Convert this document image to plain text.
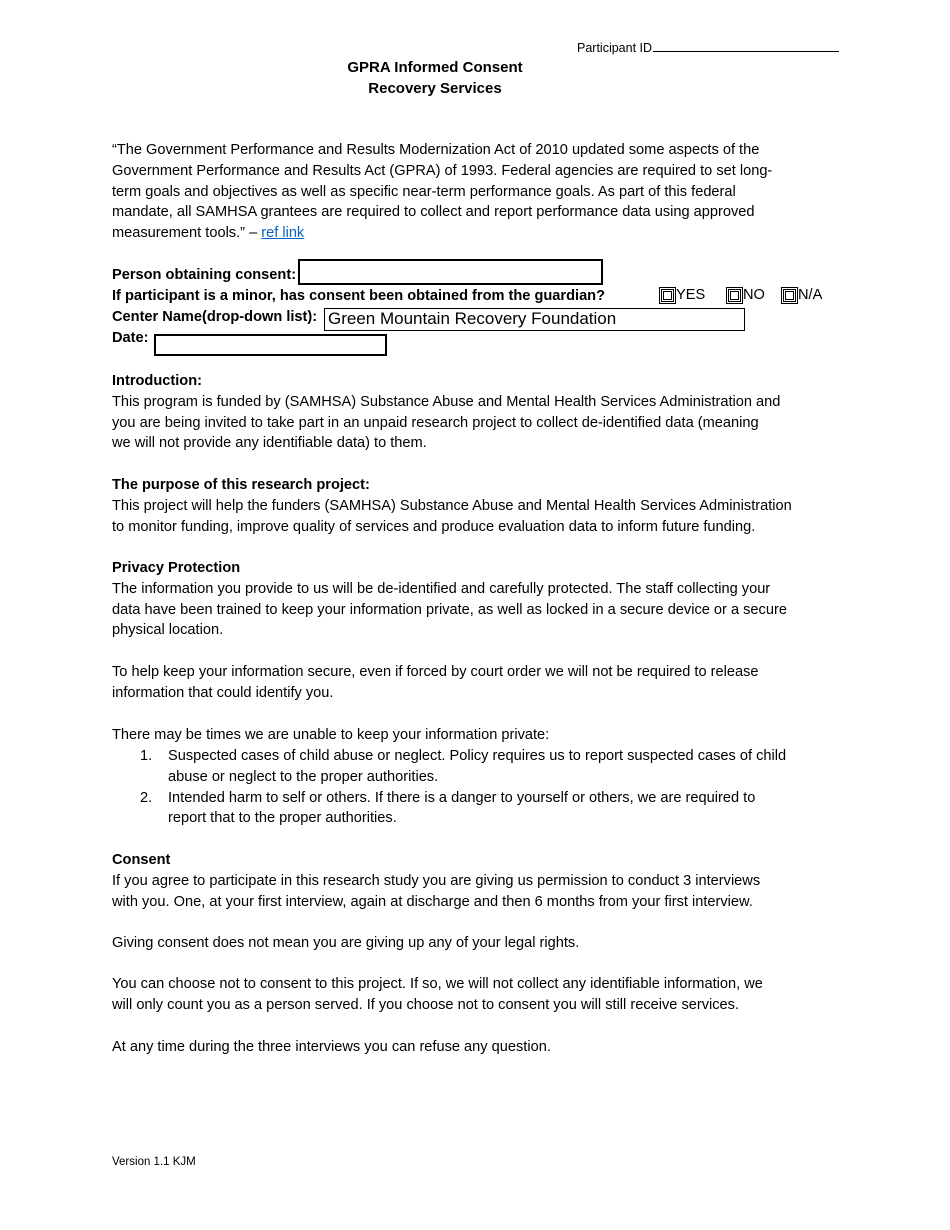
Participant ID
GPRA Informed Consent
Recovery Services
“The Government Performance and Results Modernization Act of 2010 updated some aspects of the
Government Performance and Results Act (GPRA) of 1993. Federal agencies are required to set long-
term goals and objectives as well as specific near-term performance goals. As part of this federal
mandate, all SAMHSA grantees are required to collect and report performance data using approved
measurement tools.” – ref link
Person obtaining consent:
If participant is a minor, has consent been obtained from the guardian?	YES	NO	N/A
Center Name(drop-down list): Green Mountain Recovery Foundation
Date:
Introduction:
This program is funded by (SAMHSA) Substance Abuse and Mental Health Services Administration and
you are being invited to take part in an unpaid research project to collect de-identified data (meaning
we will not provide any identifiable data) to them.
The purpose of this research project:
This project will help the funders (SAMHSA) Substance Abuse and Mental Health Services Administration
to monitor funding, improve quality of services and produce evaluation data to inform future funding.
Privacy Protection
The information you provide to us will be de-identified and carefully protected. The staff collecting your
data have been trained to keep your information private, as well as locked in a secure device or a secure
physical location.
To help keep your information secure, even if forced by court order we will not be required to release
information that could identify you.
There may be times we are unable to keep your information private:
1.	Suspected cases of child abuse or neglect. Policy requires us to report suspected cases of child
abuse or neglect to the proper authorities.
2.	Intended harm to self or others. If there is a danger to yourself or others, we are required to
report that to the proper authorities.
Consent
If you agree to participate in this research study you are giving us permission to conduct 3 interviews
with you. One, at your first interview, again at discharge and then 6 months from your first interview.
Giving consent does not mean you are giving up any of your legal rights.
You can choose not to consent to this project. If so, we will not collect any identifiable information, we
will only count you as a person served. If you choose not to consent you will still receive services.
At any time during the three interviews you can refuse any question.
Version 1.1 KJM
